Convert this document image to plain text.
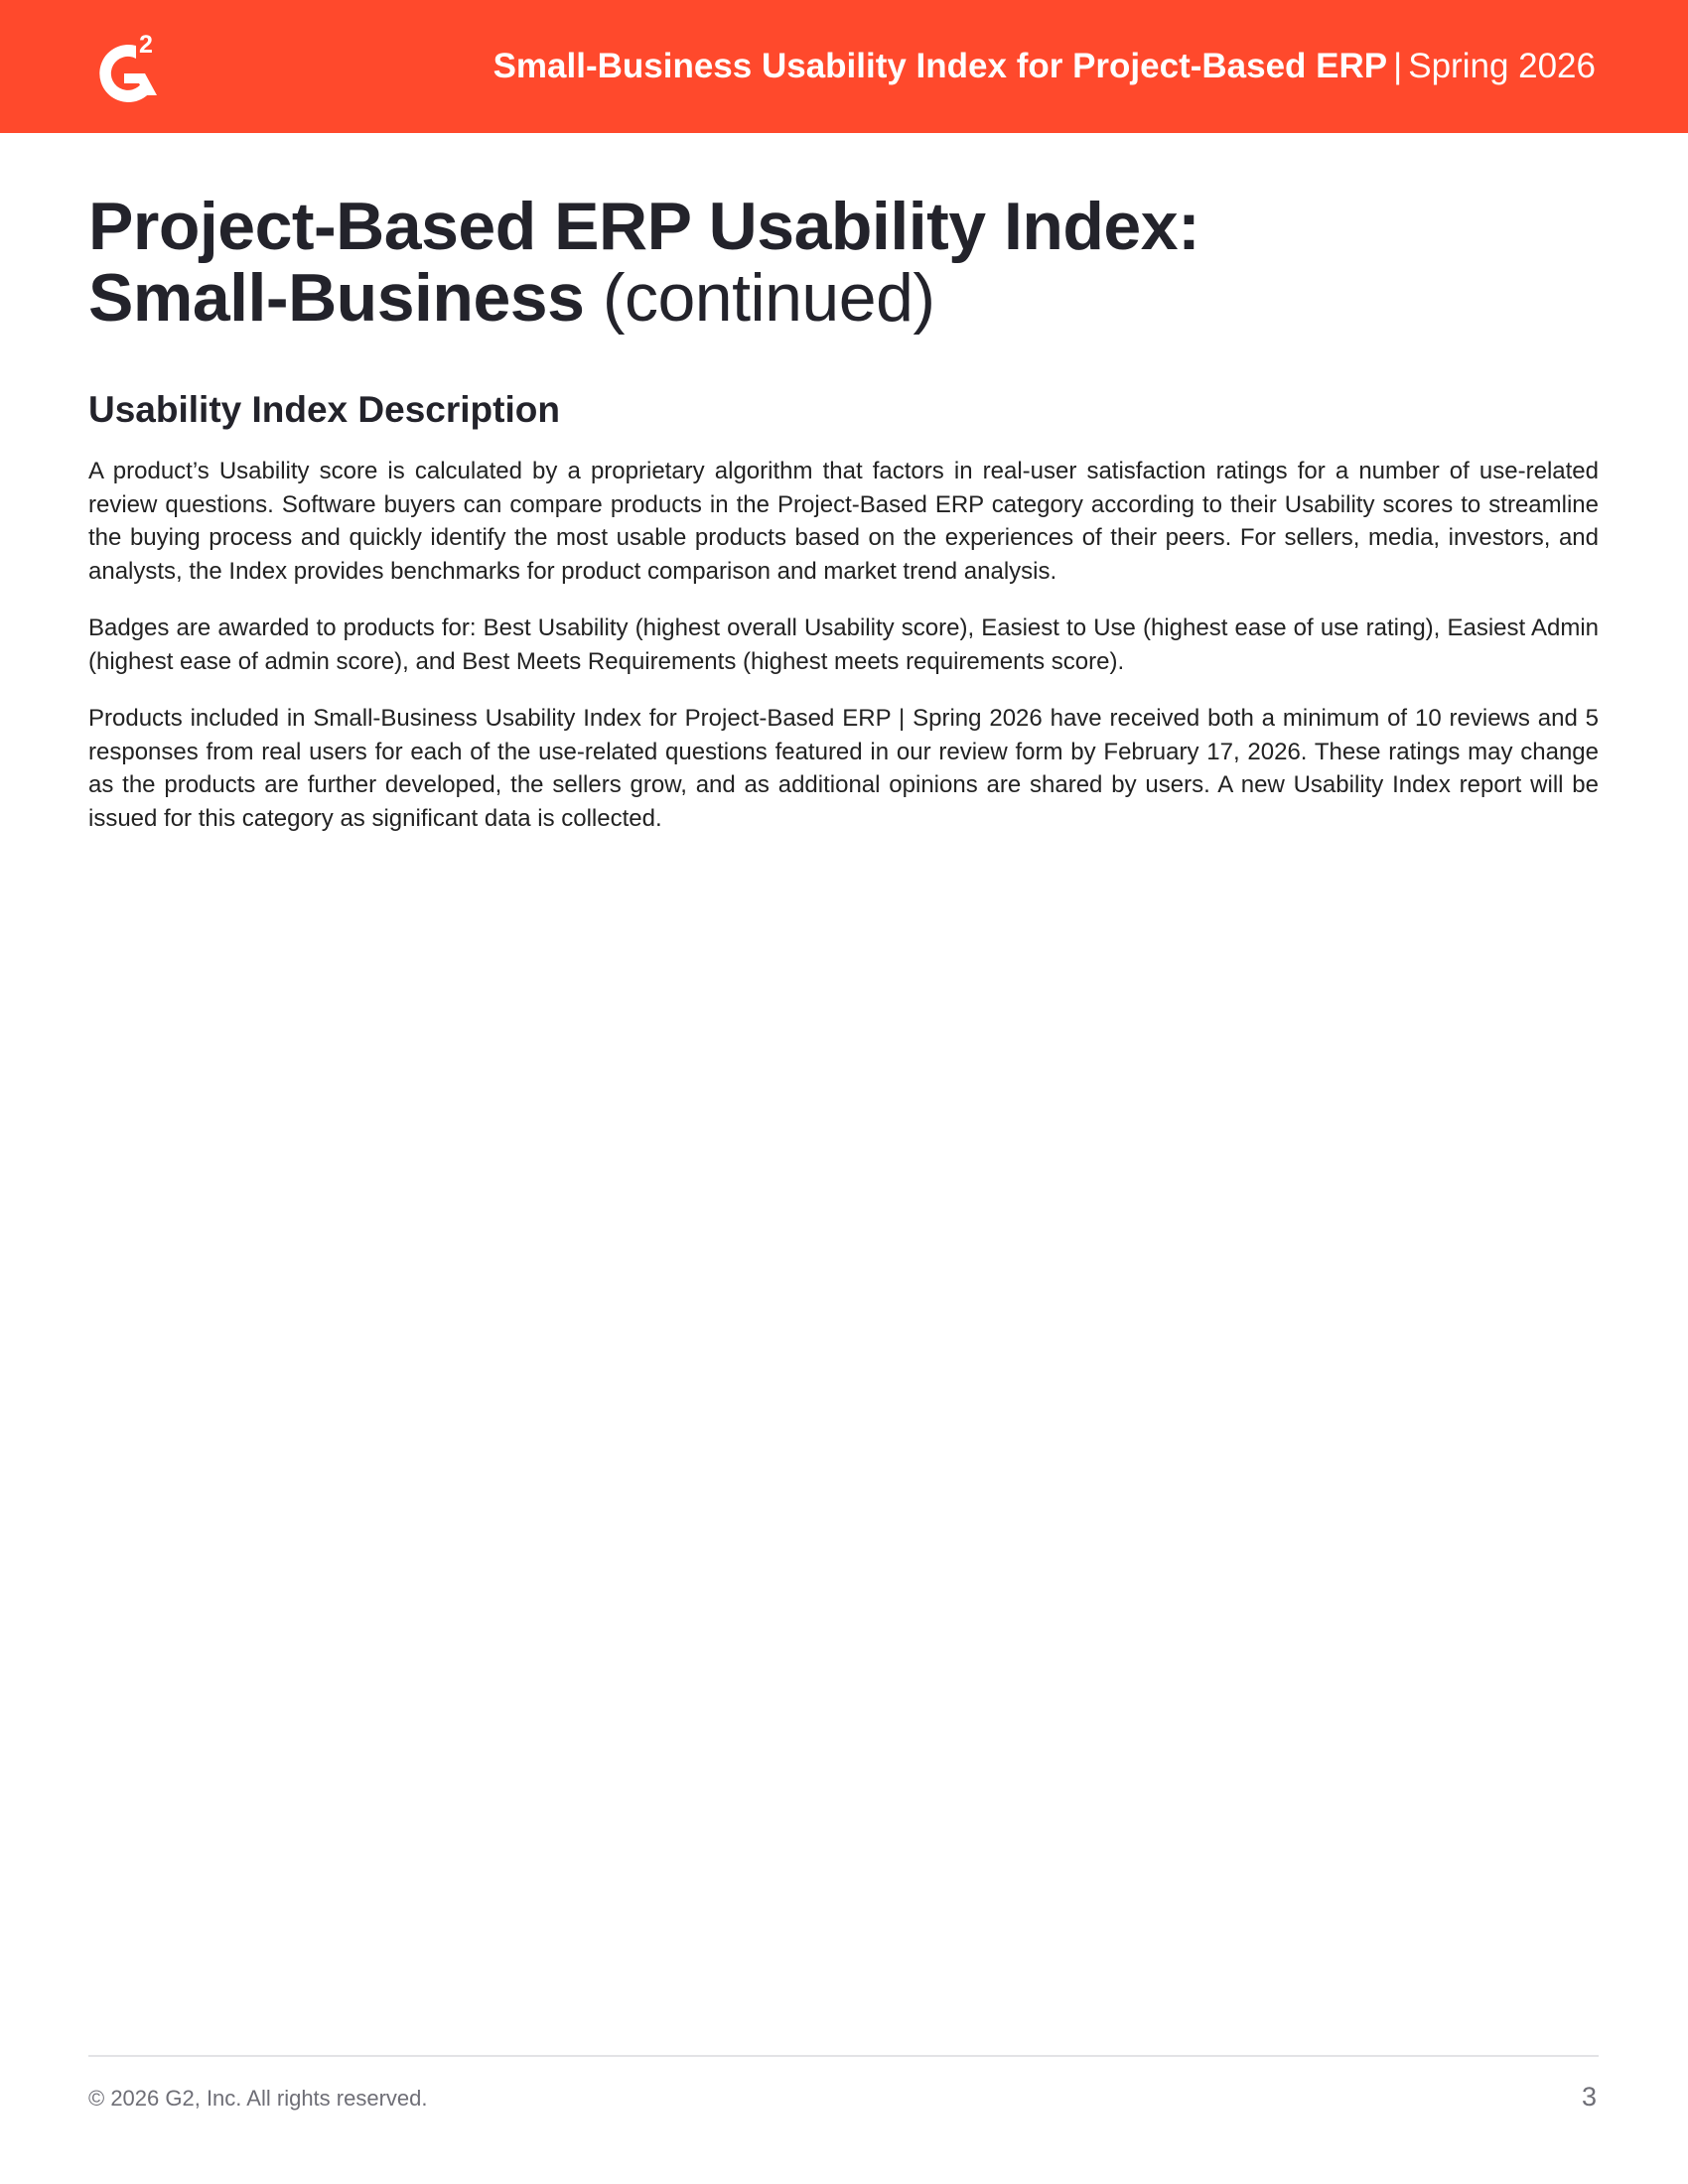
2
Small-Business Usability Index for Project-Based ERP | Spring 2026
Project-Based ERP Usability Index:
Small-Business (continued)
Usability Index Description

A product’s Usability score is calculated by a proprietary algorithm that factors in real-user satisfaction ratings for a number of use-related review questions. Software buyers can compare products in the Project-Based ERP category according to their Usability scores to streamline the buying process and quickly identify the most usable products based on the experiences of their peers. For sellers, media, investors, and analysts, the Index provides benchmarks for product comparison and market trend analysis.

Badges are awarded to products for: Best Usability (highest overall Usability score), Easiest to Use (highest ease of use rating), Easiest Admin (highest ease of admin score), and Best Meets Requirements (highest meets requirements score).

Products included in Small-Business Usability Index for Project-Based ERP | Spring 2026 have received both a minimum of 10 reviews and 5 responses from real users for each of the use-related questions featured in our review form by February 17, 2026. These ratings may change as the products are further developed, the sellers grow, and as additional opinions are shared by users. A new Usability Index report will be issued for this category as significant data is collected.

© 2026 G2, Inc. All rights reserved.	3
